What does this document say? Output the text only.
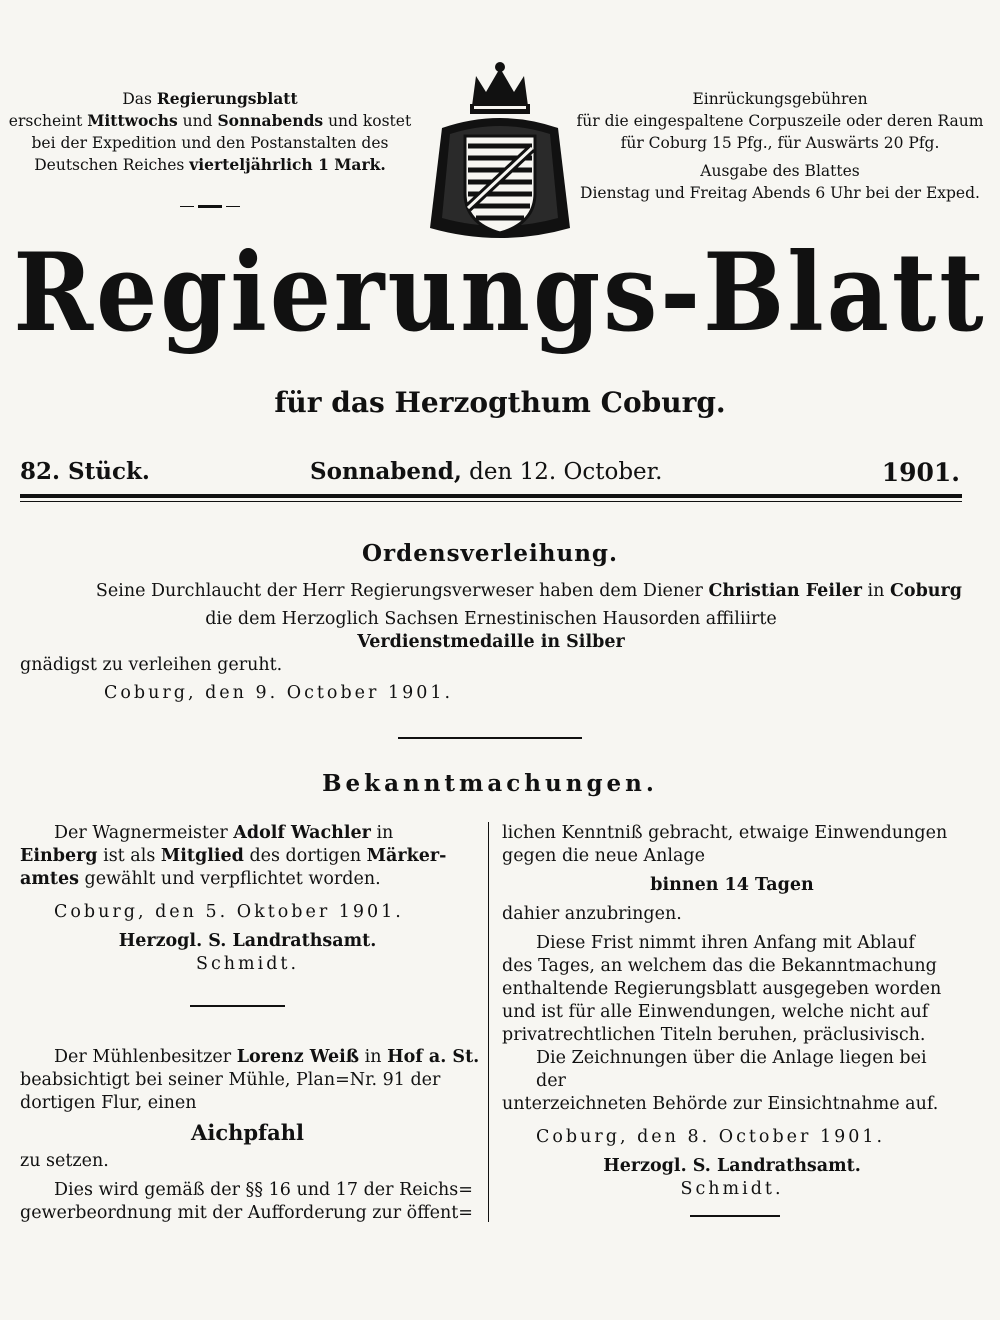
Das Regierungsblatt
erscheint Mittwochs und Sonnabends und kostet
bei der Expedition und den Postanstalten des
Deutschen Reiches vierteljährlich 1 Mark.
Einrückungsgebühren
für die eingespaltene Corpuszeile oder deren Raum
für Coburg 15 Pfg., für Auswärts 20 Pfg.
Ausgabe des Blattes
Dienstag und Freitag Abends 6 Uhr bei der Exped.
Regierungs-Blatt
für das Herzogthum Coburg.
82. Stück.	Sonnabend, den 12. October.	1901.
Ordensverleihung.
Seine Durchlaucht der Herr Regierungsverweser haben dem Diener Christian Feiler in Coburg
die dem Herzoglich Sachsen Ernestinischen Hausorden affiliirte
Verdienstmedaille in Silber
gnädigst zu verleihen geruht.
Coburg, den 9. October 1901.
Bekanntmachungen.
Der Wagnermeister Adolf Wachler in
Einberg ist als Mitglied des dortigen Märker-
amtes gewählt und verpflichtet worden.
Coburg, den 5. Oktober 1901.
Herzogl. S. Landrathsamt.
Schmidt.
Der Mühlenbesitzer Lorenz Weiß in Hof a. St.
beabsichtigt bei seiner Mühle, Plan=Nr. 91 der
dortigen Flur, einen
Aichpfahl
zu setzen.
Dies wird gemäß der §§ 16 und 17 der Reichs=
gewerbeordnung mit der Aufforderung zur öffent=
lichen Kenntniß gebracht, etwaige Einwendungen
gegen die neue Anlage
binnen 14 Tagen
dahier anzubringen.
Diese Frist nimmt ihren Anfang mit Ablauf
des Tages, an welchem das die Bekanntmachung
enthaltende Regierungsblatt ausgegeben worden
und ist für alle Einwendungen, welche nicht auf
privatrechtlichen Titeln beruhen, präclusivisch.
Die Zeichnungen über die Anlage liegen bei der
unterzeichneten Behörde zur Einsichtnahme auf.
Coburg, den 8. October 1901.
Herzogl. S. Landrathsamt.
Schmidt.
